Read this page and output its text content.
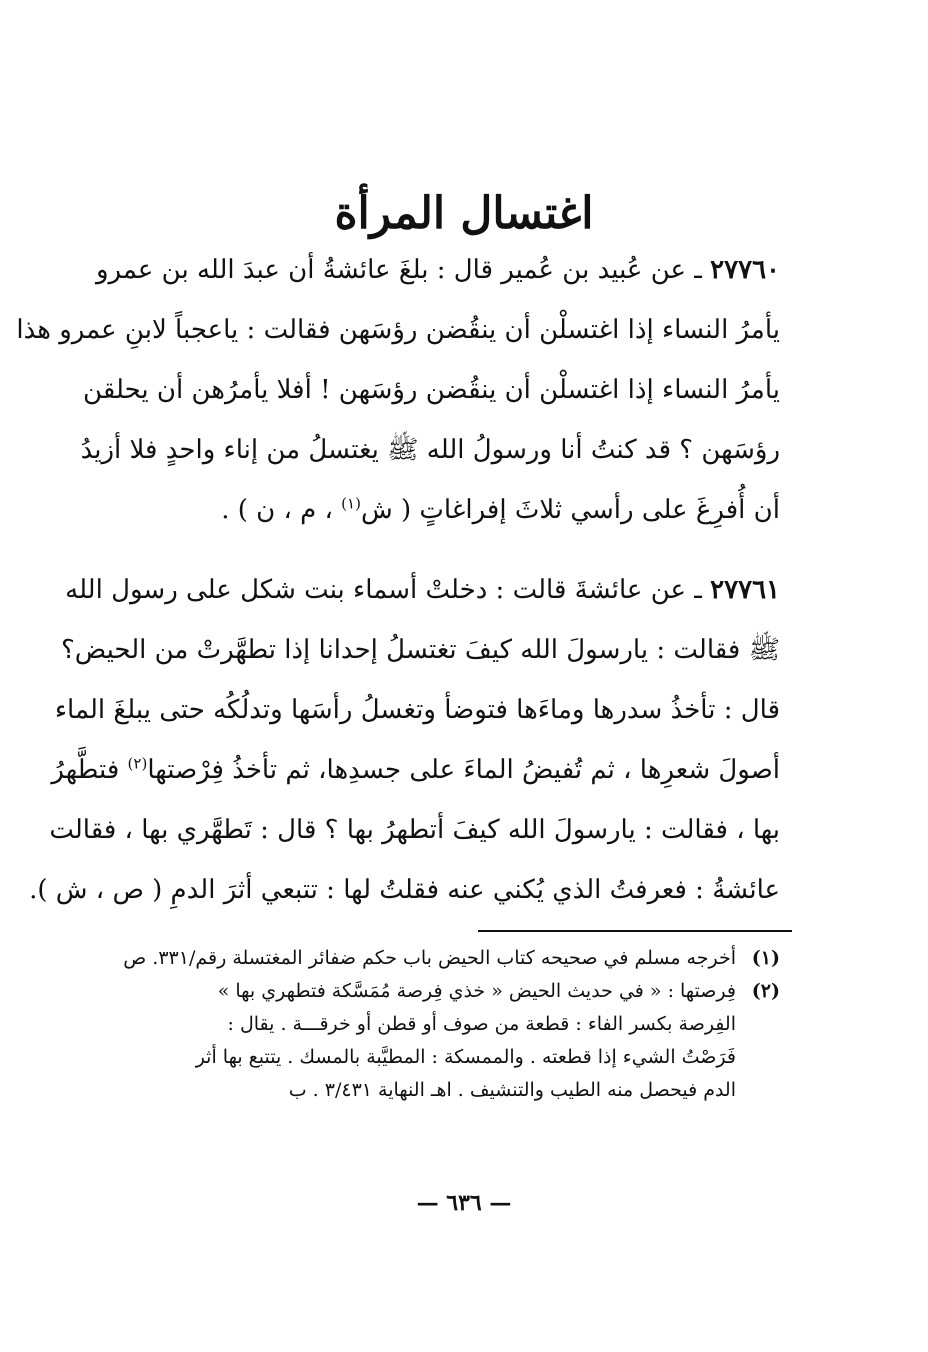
اغتسال المرأة
٢٧٧٦٠ ـ عن عُبيد بن عُمير قال : بلغَ عائشةُ أن عبدَ الله بن عمرو
يأمرُ النساء إذا اغتسلْن أن ينقُضن رؤسَهن فقالت : ياعجباً لابنِ عمرو هذا
يأمرُ النساء إذا اغتسلْن أن ينقُضن رؤسَهن ! أفلا يأمرُهن أن يحلقن
رؤسَهن ؟ قد كنتُ أنا ورسولُ الله ﷺ يغتسلُ من إناء واحدٍ فلا أزيدُ
أن أُفرِغَ على رأسي ثلاثَ إفراغاتٍ ( ش$^{(١)}$ ، م ، ن ) .
٢٧٧٦١ ـ عن عائشةَ قالت : دخلتْ أسماء بنت شكل على رسول الله
ﷺ فقالت : يارسولَ الله كيفَ تغتسلُ إحدانا إذا تطهَّرتْ من الحيض؟
قال : تأخذُ سدرها وماءَها فتوضأ وتغسلُ رأسَها وتدلُكُه حتى يبلغَ الماء
أصولَ شعرِها ، ثم تُفيضُ الماءَ على جسدِها، ثم تأخذُ فِرْصتها$^{(٢)}$ فتطَّهرُ
بها ، فقالت : يارسولَ الله كيفَ أتطهرُ بها ؟ قال : تَطهَّري بها ، فقالت
عائشةُ : فعرفتُ الذي يُكني عنه فقلتُ لها : تتبعي أثرَ الدمِ ( ص ، ش ).
(١)
أخرجه مسلم في صحيحه كتاب الحيض باب حكم ضفائر المغتسلة رقم/٣٣١. ص
(٢)
فِرصتها : « في حديث الحيض « خذي فِرصة مُمَسَّكة فتطهري بها »
الفِرصة بكسر الفاء : قطعة من صوف أو قطن أو خرقـــة . يقال :
فَرَصْتُ الشيء إذا قطعته . والممسكة : المطيَّبة بالمسك . يتتبع بها أثر
الدم فيحصل منه الطيب والتنشيف . اهـ النهاية ٣/٤٣١ . ب
— ٦٣٦ —
